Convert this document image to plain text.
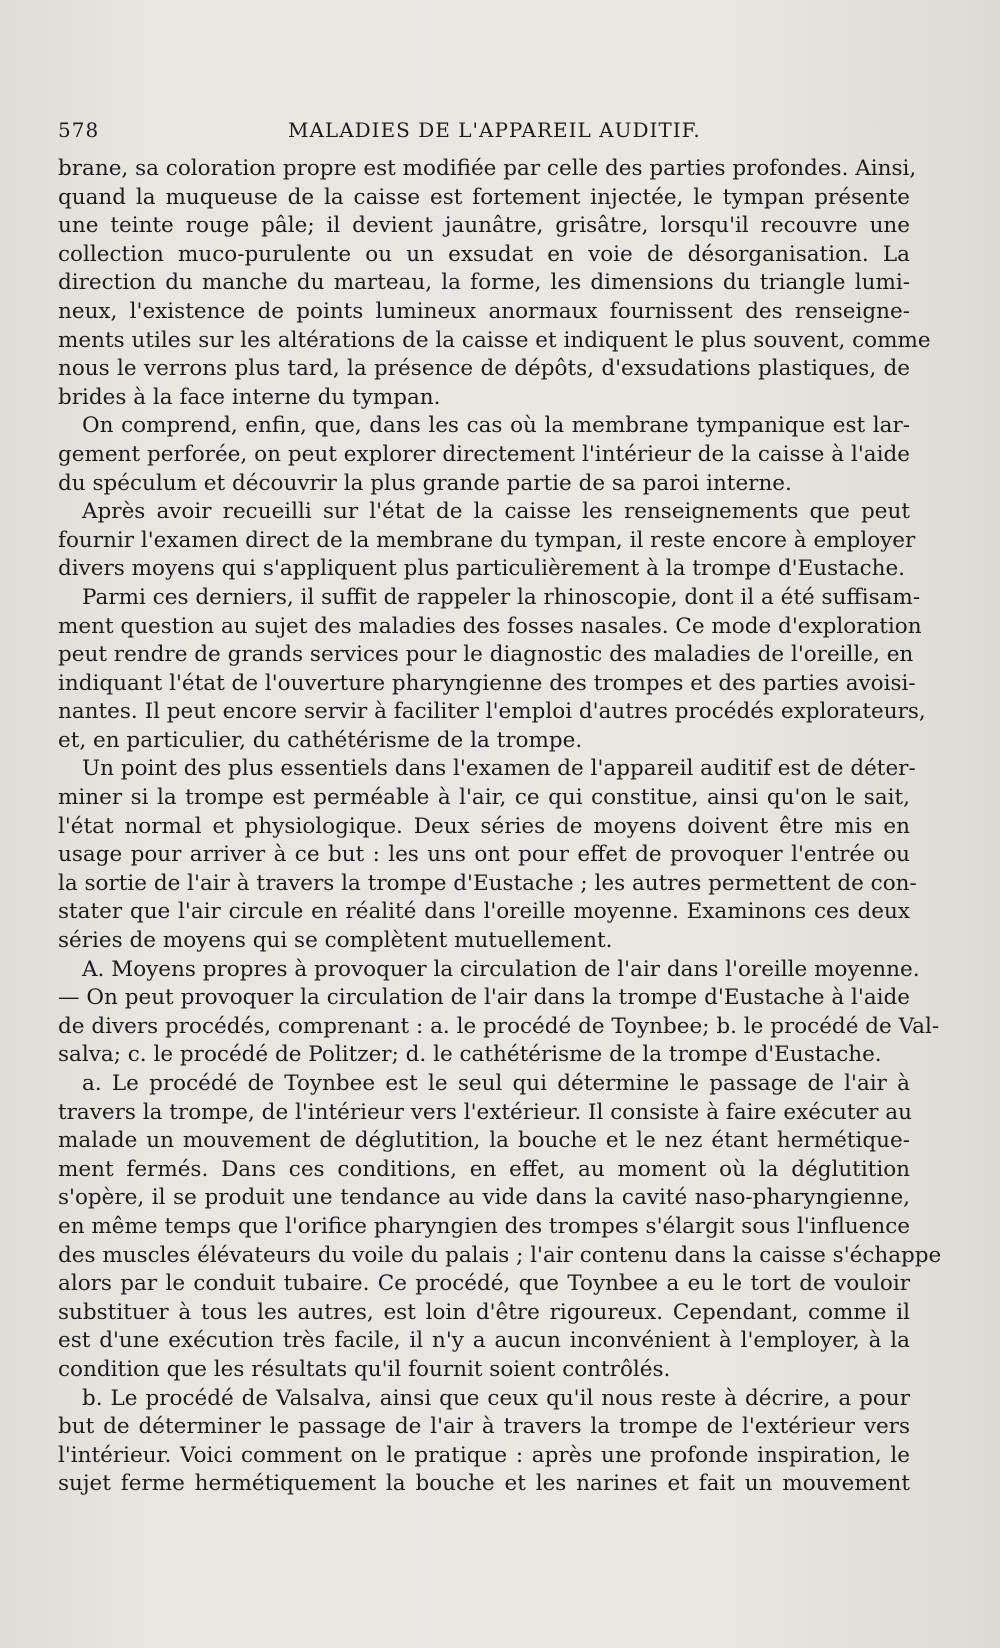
578	MALADIES DE L'APPAREIL AUDITIF.
brane, sa coloration propre est modifiée par celle des parties profondes. Ainsi,
quand la muqueuse de la caisse est fortement injectée, le tympan présente
une teinte rouge pâle; il devient jaunâtre, grisâtre, lorsqu'il recouvre une
collection muco-purulente ou un exsudat en voie de désorganisation. La
direction du manche du marteau, la forme, les dimensions du triangle lumi-
neux, l'existence de points lumineux anormaux fournissent des renseigne-
ments utiles sur les altérations de la caisse et indiquent le plus souvent, comme
nous le verrons plus tard, la présence de dépôts, d'exsudations plastiques, de
brides à la face interne du tympan.
On comprend, enfin, que, dans les cas où la membrane tympanique est lar-
gement perforée, on peut explorer directement l'intérieur de la caisse à l'aide
du spéculum et découvrir la plus grande partie de sa paroi interne.
Après avoir recueilli sur l'état de la caisse les renseignements que peut
fournir l'examen direct de la membrane du tympan, il reste encore à employer
divers moyens qui s'appliquent plus particulièrement à la trompe d'Eustache.
Parmi ces derniers, il suffit de rappeler la rhinoscopie, dont il a été suffisam-
ment question au sujet des maladies des fosses nasales. Ce mode d'exploration
peut rendre de grands services pour le diagnostic des maladies de l'oreille, en
indiquant l'état de l'ouverture pharyngienne des trompes et des parties avoisi-
nantes. Il peut encore servir à faciliter l'emploi d'autres procédés explorateurs,
et, en particulier, du cathétérisme de la trompe.
Un point des plus essentiels dans l'examen de l'appareil auditif est de déter-
miner si la trompe est perméable à l'air, ce qui constitue, ainsi qu'on le sait,
l'état normal et physiologique. Deux séries de moyens doivent être mis en
usage pour arriver à ce but : les uns ont pour effet de provoquer l'entrée ou
la sortie de l'air à travers la trompe d'Eustache ; les autres permettent de con-
stater que l'air circule en réalité dans l'oreille moyenne. Examinons ces deux
séries de moyens qui se complètent mutuellement.
A. Moyens propres à provoquer la circulation de l'air dans l'oreille moyenne.
— On peut provoquer la circulation de l'air dans la trompe d'Eustache à l'aide
de divers procédés, comprenant : a. le procédé de Toynbee; b. le procédé de Val-
salva; c. le procédé de Politzer; d. le cathétérisme de la trompe d'Eustache.
a. Le procédé de Toynbee est le seul qui détermine le passage de l'air à
travers la trompe, de l'intérieur vers l'extérieur. Il consiste à faire exécuter au
malade un mouvement de déglutition, la bouche et le nez étant hermétique-
ment fermés. Dans ces conditions, en effet, au moment où la déglutition
s'opère, il se produit une tendance au vide dans la cavité naso-pharyngienne,
en même temps que l'orifice pharyngien des trompes s'élargit sous l'influence
des muscles élévateurs du voile du palais ; l'air contenu dans la caisse s'échappe
alors par le conduit tubaire. Ce procédé, que Toynbee a eu le tort de vouloir
substituer à tous les autres, est loin d'être rigoureux. Cependant, comme il
est d'une exécution très facile, il n'y a aucun inconvénient à l'employer, à la
condition que les résultats qu'il fournit soient contrôlés.
b. Le procédé de Valsalva, ainsi que ceux qu'il nous reste à décrire, a pour
but de déterminer le passage de l'air à travers la trompe de l'extérieur vers
l'intérieur. Voici comment on le pratique : après une profonde inspiration, le
sujet ferme hermétiquement la bouche et les narines et fait un mouvement
